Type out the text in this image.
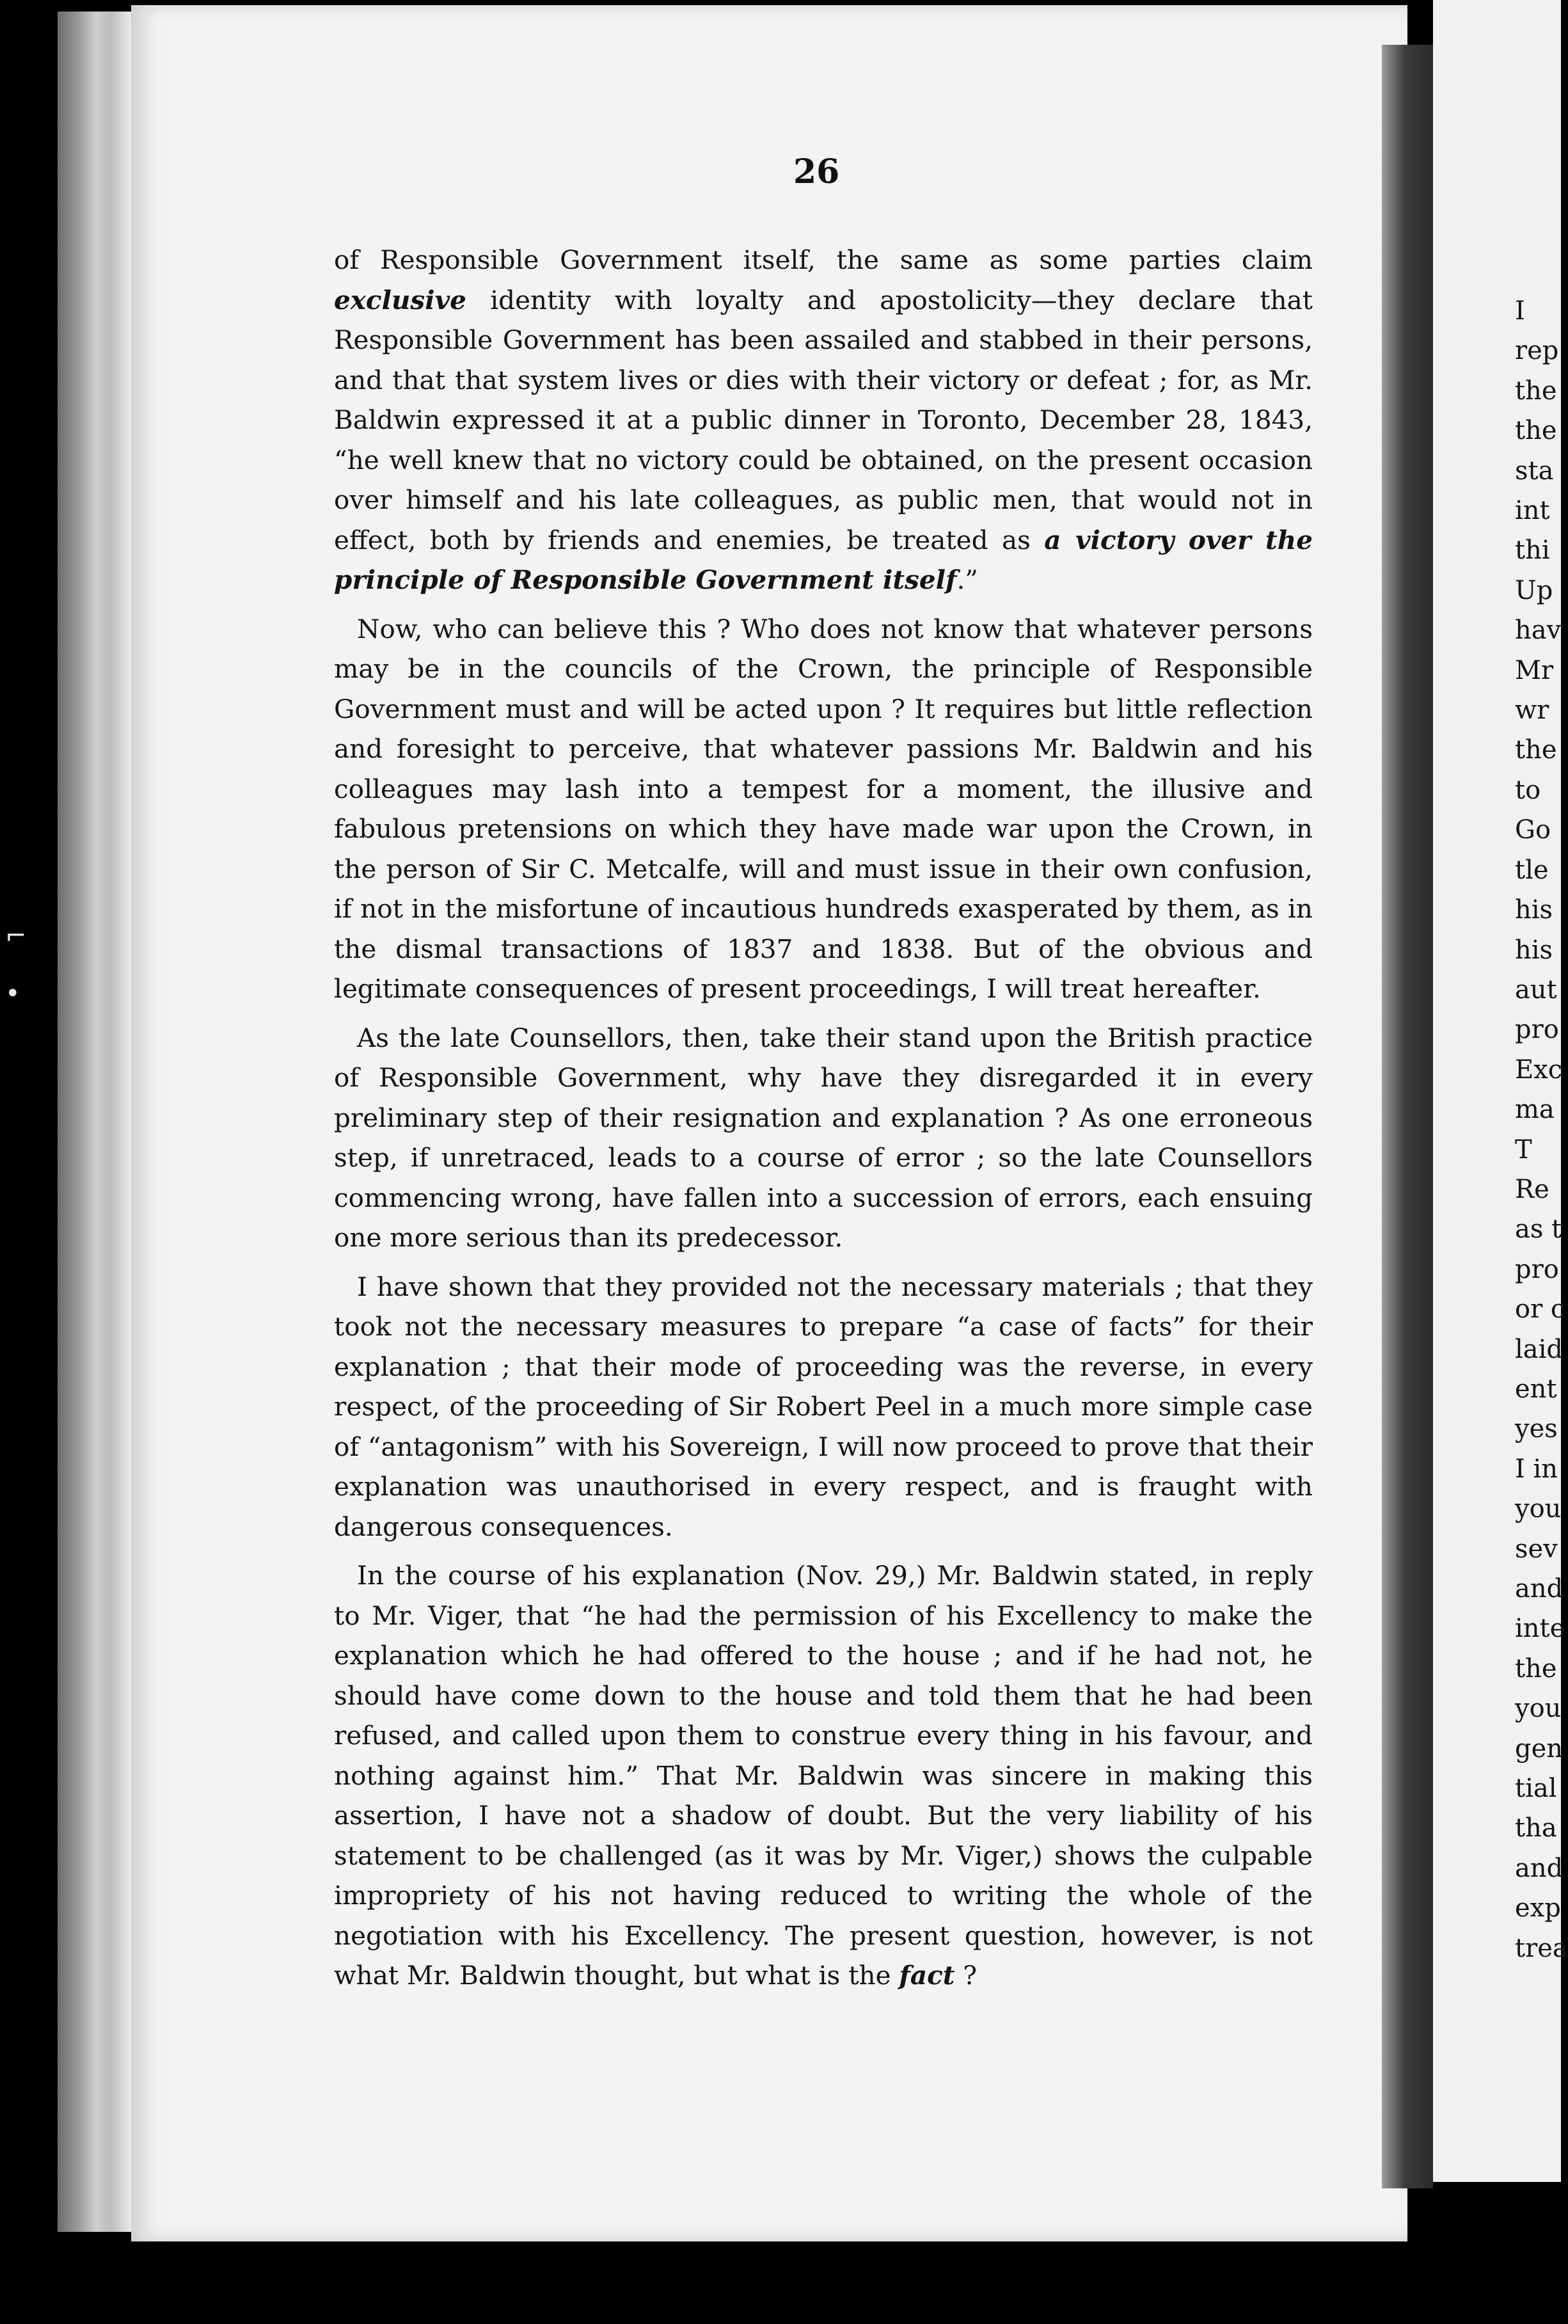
I
rep
the
the
sta
int
thi
Up
hav
Mr
wr
the
to
Go
tle
his
his
aut
pro
Exc
ma
T
Re
as t
pro
or c
laid
ent
yes
I in
you
sev
and
inte
the
you
gen
tial
tha
and
exp
trea
26

of Responsible Government itself, the same as some parties claim exclusive identity with loyalty and apostolicity—they declare that Responsible Government has been assailed and stabbed in their persons, and that that system lives or dies with their victory or defeat ; for, as Mr. Baldwin expressed it at a public dinner in Toronto, December 28, 1843, “he well knew that no victory could be obtained, on the present occasion over himself and his late colleagues, as public men, that would not in effect, both by friends and enemies, be treated as a victory over the principle of Responsible Government itself.”

Now, who can believe this ? Who does not know that whatever persons may be in the councils of the Crown, the principle of Responsible Government must and will be acted upon ? It requires but little reflection and foresight to perceive, that whatever passions Mr. Baldwin and his colleagues may lash into a tempest for a moment, the illusive and fabulous pretensions on which they have made war upon the Crown, in the person of Sir C. Metcalfe, will and must issue in their own confusion, if not in the misfortune of incautious hundreds exasperated by them, as in the dismal transactions of 1837 and 1838. But of the obvious and legitimate consequences of present proceedings, I will treat hereafter.

As the late Counsellors, then, take their stand upon the British practice of Responsible Government, why have they disregarded it in every preliminary step of their resignation and explanation ? As one erroneous step, if unretraced, leads to a course of error ; so the late Counsellors commencing wrong, have fallen into a succession of errors, each ensuing one more serious than its predecessor.

I have shown that they provided not the necessary materials ; that they took not the necessary measures to prepare “a case of facts” for their explanation ; that their mode of proceeding was the reverse, in every respect, of the proceeding of Sir Robert Peel in a much more simple case of “antagonism” with his Sovereign, I will now proceed to prove that their explanation was unauthorised in every respect, and is fraught with dangerous consequences.

In the course of his explanation (Nov. 29,) Mr. Baldwin stated, in reply to Mr. Viger, that “he had the permission of his Excellency to make the explanation which he had offered to the house ; and if he had not, he should have come down to the house and told them that he had been refused, and called upon them to construe every thing in his favour, and nothing against him.” That Mr. Baldwin was sincere in making this assertion, I have not a shadow of doubt. But the very liability of his statement to be challenged (as it was by Mr. Viger,) shows the culpable impropriety of his not having reduced to writing the whole of the negotiation with his Excellency. The present question, however, is not what Mr. Baldwin thought, but what is the fact ?

⌐
•
